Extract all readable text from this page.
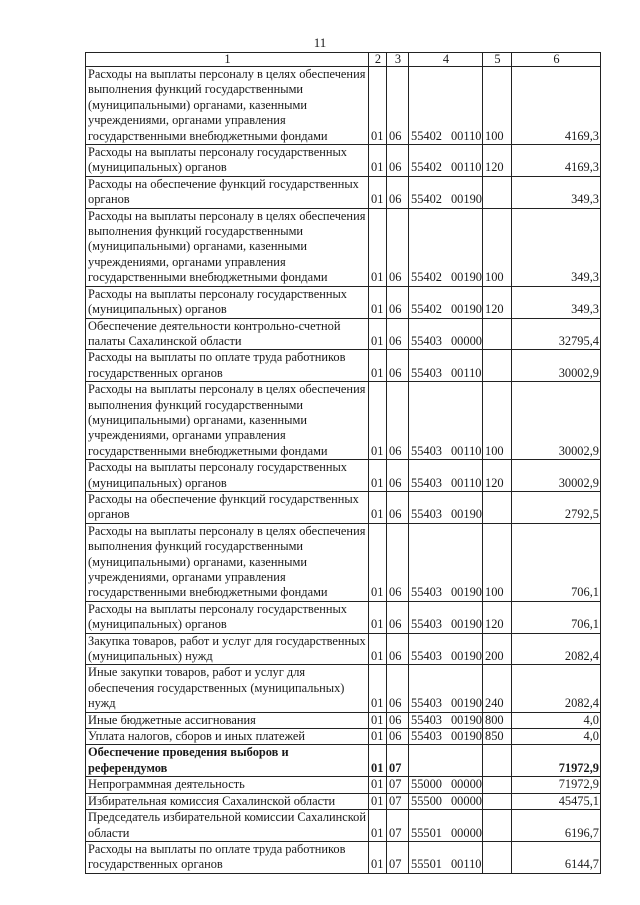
11
1	2	3	4	5	6
Расходы на выплаты персоналу в целях обеспечения выполнения функций государственными (муниципальными) органами, казенными учреждениями, органами управления государственными внебюджетными фондами	01	06	55402 00110	100	4169,3
Расходы на выплаты персоналу государственных (муниципальных) органов	01	06	55402 00110	120	4169,3
Расходы на обеспечение функций государственных органов	01	06	55402 00190		349,3
Расходы на выплаты персоналу в целях обеспечения выполнения функций государственными (муниципальными) органами, казенными учреждениями, органами управления государственными внебюджетными фондами	01	06	55402 00190	100	349,3
Расходы на выплаты персоналу государственных (муниципальных) органов	01	06	55402 00190	120	349,3
Обеспечение деятельности контрольно-счетной палаты Сахалинской области	01	06	55403 00000		32795,4
Расходы на выплаты по оплате труда работников государственных органов	01	06	55403 00110		30002,9
Расходы на выплаты персоналу в целях обеспечения выполнения функций государственными (муниципальными) органами, казенными учреждениями, органами управления государственными внебюджетными фондами	01	06	55403 00110	100	30002,9
Расходы на выплаты персоналу государственных (муниципальных) органов	01	06	55403 00110	120	30002,9
Расходы на обеспечение функций государственных органов	01	06	55403 00190		2792,5
Расходы на выплаты персоналу в целях обеспечения выполнения функций государственными (муниципальными) органами, казенными учреждениями, органами управления государственными внебюджетными фондами	01	06	55403 00190	100	706,1
Расходы на выплаты персоналу государственных (муниципальных) органов	01	06	55403 00190	120	706,1
Закупка товаров, работ и услуг для государственных (муниципальных) нужд	01	06	55403 00190	200	2082,4
Иные закупки товаров, работ и услуг для обеспечения государственных (муниципальных) нужд	01	06	55403 00190	240	2082,4
Иные бюджетные ассигнования	01	06	55403 00190	800	4,0
Уплата налогов, сборов и иных платежей	01	06	55403 00190	850	4,0
Обеспечение проведения выборов и референдумов	01	07			71972,9
Непрограммная деятельность	01	07	55000 00000		71972,9
Избирательная комиссия Сахалинской области	01	07	55500 00000		45475,1
Председатель избирательной комиссии Сахалинской области	01	07	55501 00000		6196,7
Расходы на выплаты по оплате труда работников государственных органов	01	07	55501 00110		6144,7
